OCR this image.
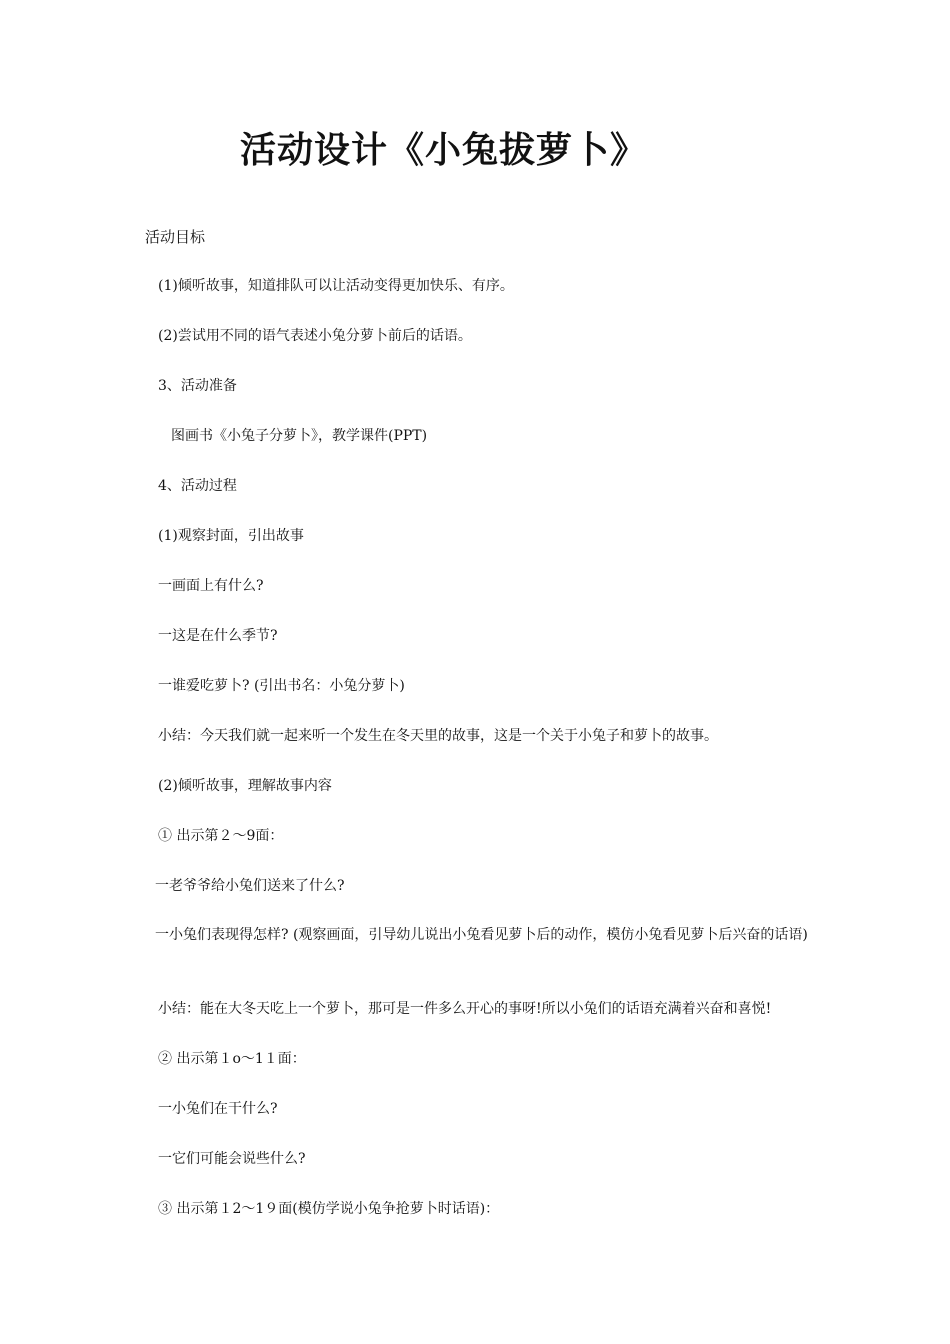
活动设计《小兔拔萝卜》
活动目标
(1)倾听故事，知道排队可以让活动变得更加快乐、有序。
(2)尝试用不同的语气表述小兔分萝卜前后的话语。
3、活动准备
图画书《小兔子分萝卜》，教学课件(PPT)
4、活动过程
(1)观察封面，引出故事
一画面上有什么?
一这是在什么季节?
一谁爱吃萝卜? (引出书名：小兔分萝卜)
小结：今天我们就一起来听一个发生在冬天里的故事，这是一个关于小兔子和萝卜的故事。
(2)倾听故事，理解故事内容
① 出示第２～9面：
一老爷爷给小兔们送来了什么?
一小兔们表现得怎样? (观察画面，引导幼儿说出小兔看见萝卜后的动作，模仿小兔看见萝卜后兴奋的话语)
小结：能在大冬天吃上一个萝卜，那可是一件多么开心的事呀!所以小兔们的话语充满着兴奋和喜悦!
② 出示第１o～1１面：
一小兔们在干什么?
一它们可能会说些什么?
③ 出示第１2～1９面(模仿学说小兔争抢萝卜时话语)：
